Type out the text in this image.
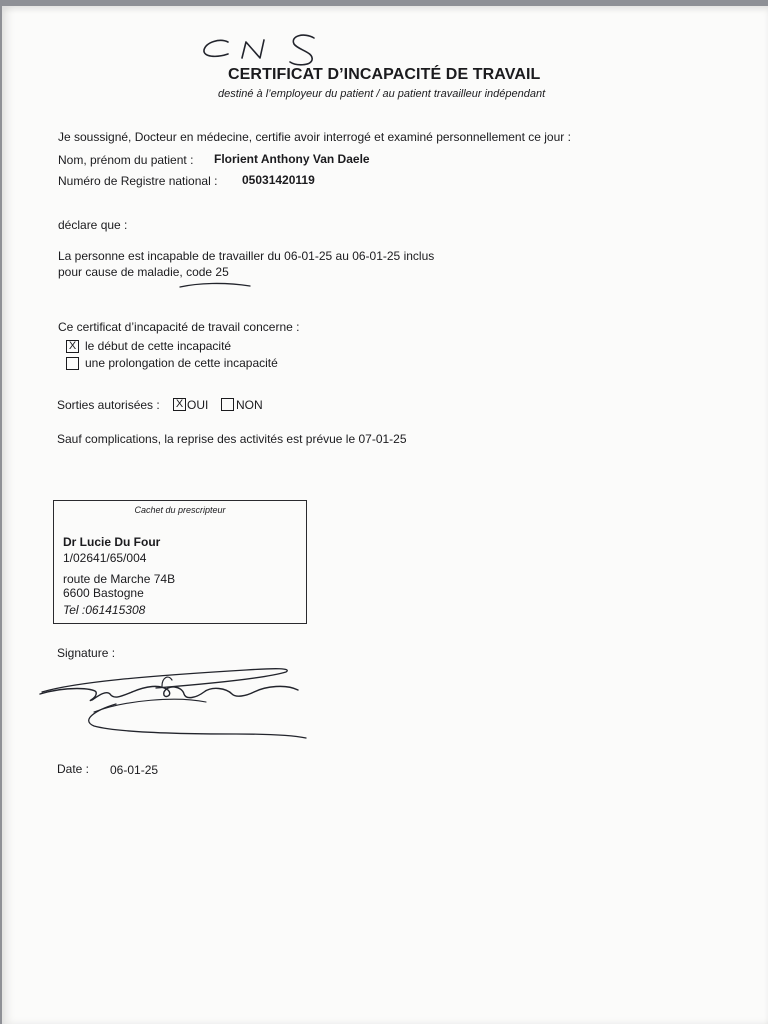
CERTIFICAT D’INCAPACITÉ DE TRAVAIL
destiné à l’employeur du patient / au patient travailleur indépendant
Je soussigné, Docteur en médecine, certifie avoir interrogé et examiné personnellement ce jour :
Nom, prénom du patient : Florient Anthony Van Daele
Numéro de Registre national : 05031420119
déclare que :
La personne est incapable de travailler du 06-01-25 au 06-01-25 inclus
pour cause de maladie, code 25
Ce certificat d’incapacité de travail concerne :
X le début de cette incapacité
une prolongation de cette incapacité
Sorties autorisées : X OUI NON
Sauf complications, la reprise des activités est prévue le 07-01-25
Cachet du prescripteur
Dr Lucie Du Four
1/02641/65/004
route de Marche 74B
6600 Bastogne
Tel :061415308
Signature :
Date : 06-01-25
